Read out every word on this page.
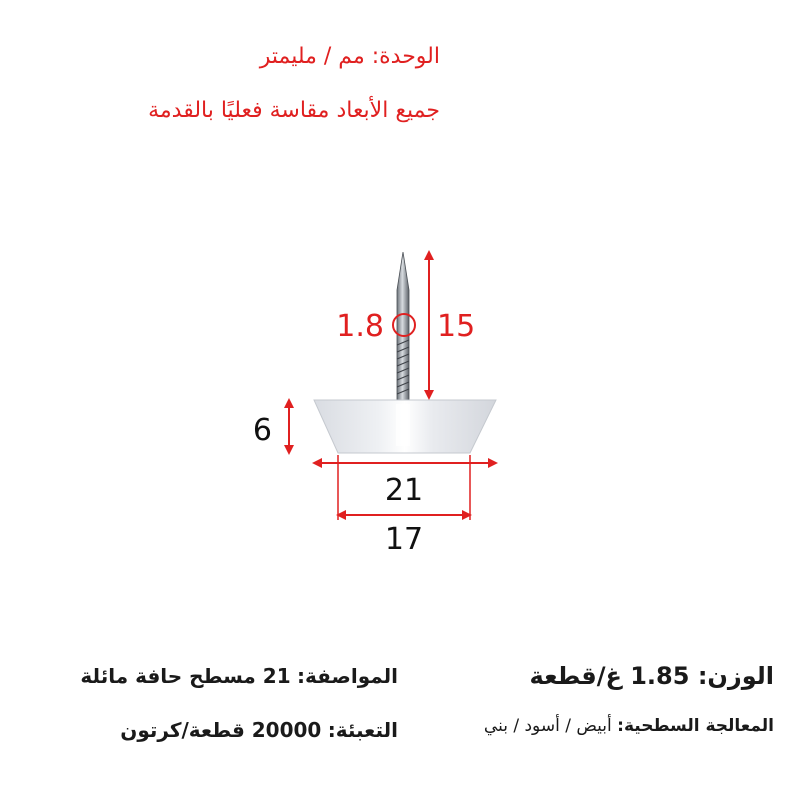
الوحدة: مم / مليمتر
جميع الأبعاد مقاسة فعليًا بالقدمة
1.8 15
6
21
17
الوزن: 1.85 غ/قطعة
المواصفة: 21 مسطح حافة مائلة
المعالجة السطحية: أبيض / أسود / بني
التعبئة: 20000 قطعة/كرتون
